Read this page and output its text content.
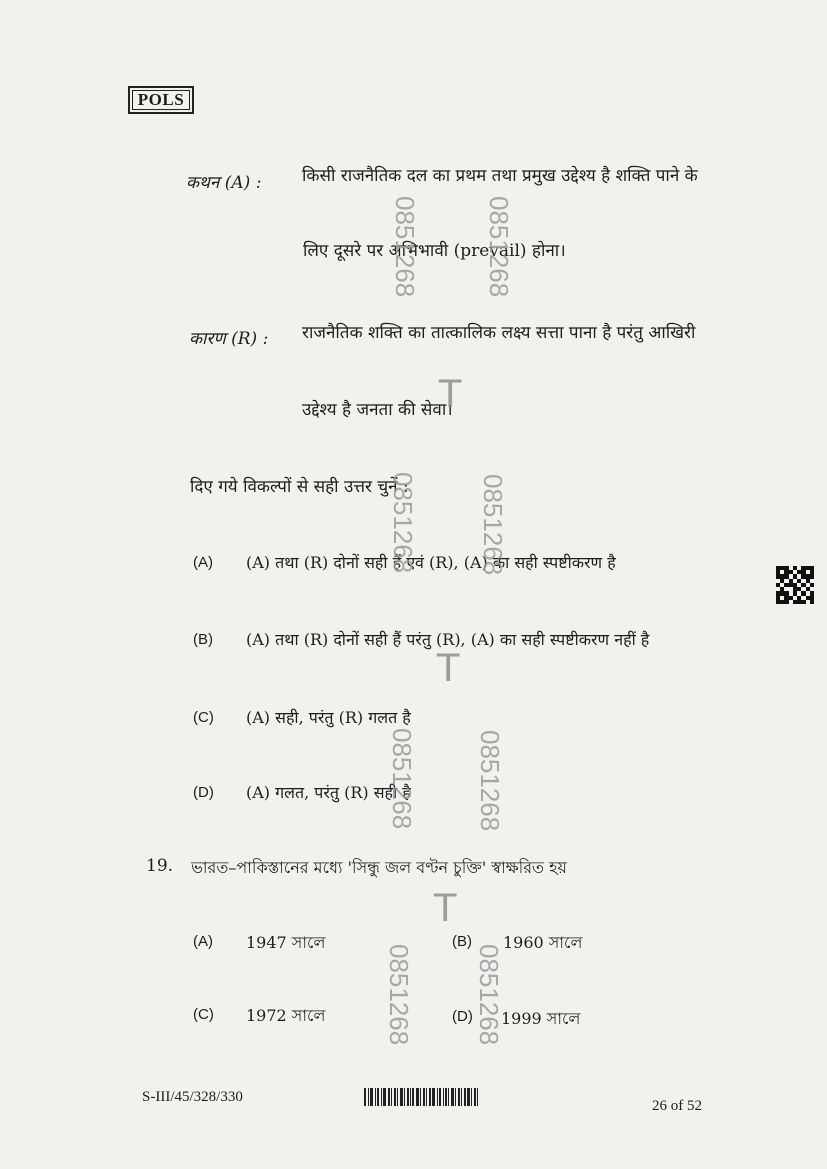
POLS
कथन (A) : किसी राजनैतिक दल का प्रथम तथा प्रमुख उद्देश्य है शक्ति पाने के
लिए दूसरे पर अभिभावी (prevail) होना।
कारण (R) : राजनैतिक शक्ति का तात्कालिक लक्ष्य सत्ता पाना है परंतु आखिरी
उद्देश्य है जनता की सेवा।
दिए गये विकल्पों से सही उत्तर चुनें :
(A) (A) तथा (R) दोनों सही हैं एवं (R), (A) का सही स्पष्टीकरण है
(B) (A) तथा (R) दोनों सही हैं परंतु (R), (A) का सही स्पष्टीकरण नहीं है
(C) (A) सही, परंतु (R) गलत है
(D) (A) गलत, परंतु (R) सही है
19. ভারত–পাকিস্তানের মধ্যে 'সিন্ধু জল বণ্টন চুক্তি' স্বাক্ষরিত হয়
(A) 1947 সালে	(B) 1960 সালে
(C) 1972 সালে	(D) 1999 সালে
0851268 0851268
T
0851268 0851268
T
0851268 0851268
T
0851268 0851268
S-III/45/328/330
26 of 52
